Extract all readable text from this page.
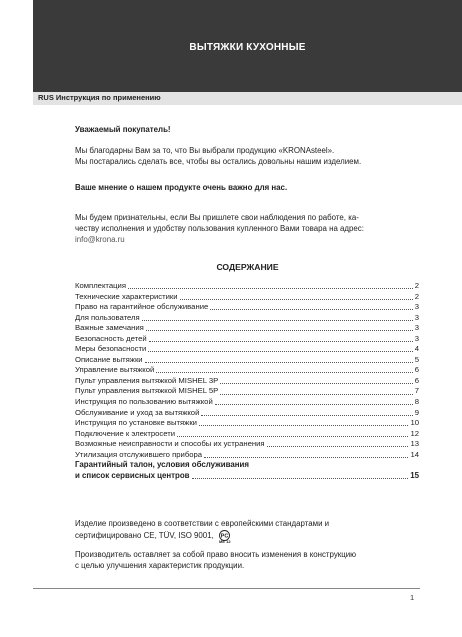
ВЫТЯЖКИ КУХОННЫЕ
RUS Инструкция по применению
Уважаемый покупатель!
Мы благодарны Вам за то, что Вы выбрали продукцию «KRONAsteel».
Мы постарались сделать все, чтобы вы остались довольны нашим изделием.
Ваше мнение о нашем продукте очень важно для нас.
Мы будем признательны, если Вы пришлете свои наблюдения по работе, ка-
честву исполнения и удобству пользования купленного Вами товара на адрес:
info@krona.ru
СОДЕРЖАНИЕ
Комплектация	2
Технические характеристики	2
Право на гарантийное обслуживание	3
Для пользователя	3
Важные замечания	3
Безопасность детей	3
Меры безопасности	4
Описание вытяжки	5
Управление вытяжкой	6
Пульт управления вытяжкой MISHEL 3P	6
Пульт управления вытяжкой MISHEL 5P	7
Инструкция по пользованию вытяжкой	8
Обслуживание и уход за вытяжкой	9
Инструкция по установке вытяжки	10
Подключение к электросети	12
Возможные неисправности и способы их устранения	13
Утилизация отслужившего прибора	14
Гарантийный талон, условия обслуживания
и список сервисных центров	15
Изделие произведено в соответствии с европейскими стандартами и
сертифицировано CE, TÜV, ISO 9001, PC
МЕ 12
Производитель оставляет за собой право вносить изменения в конструкцию
с целью улучшения характеристик продукции.
1
